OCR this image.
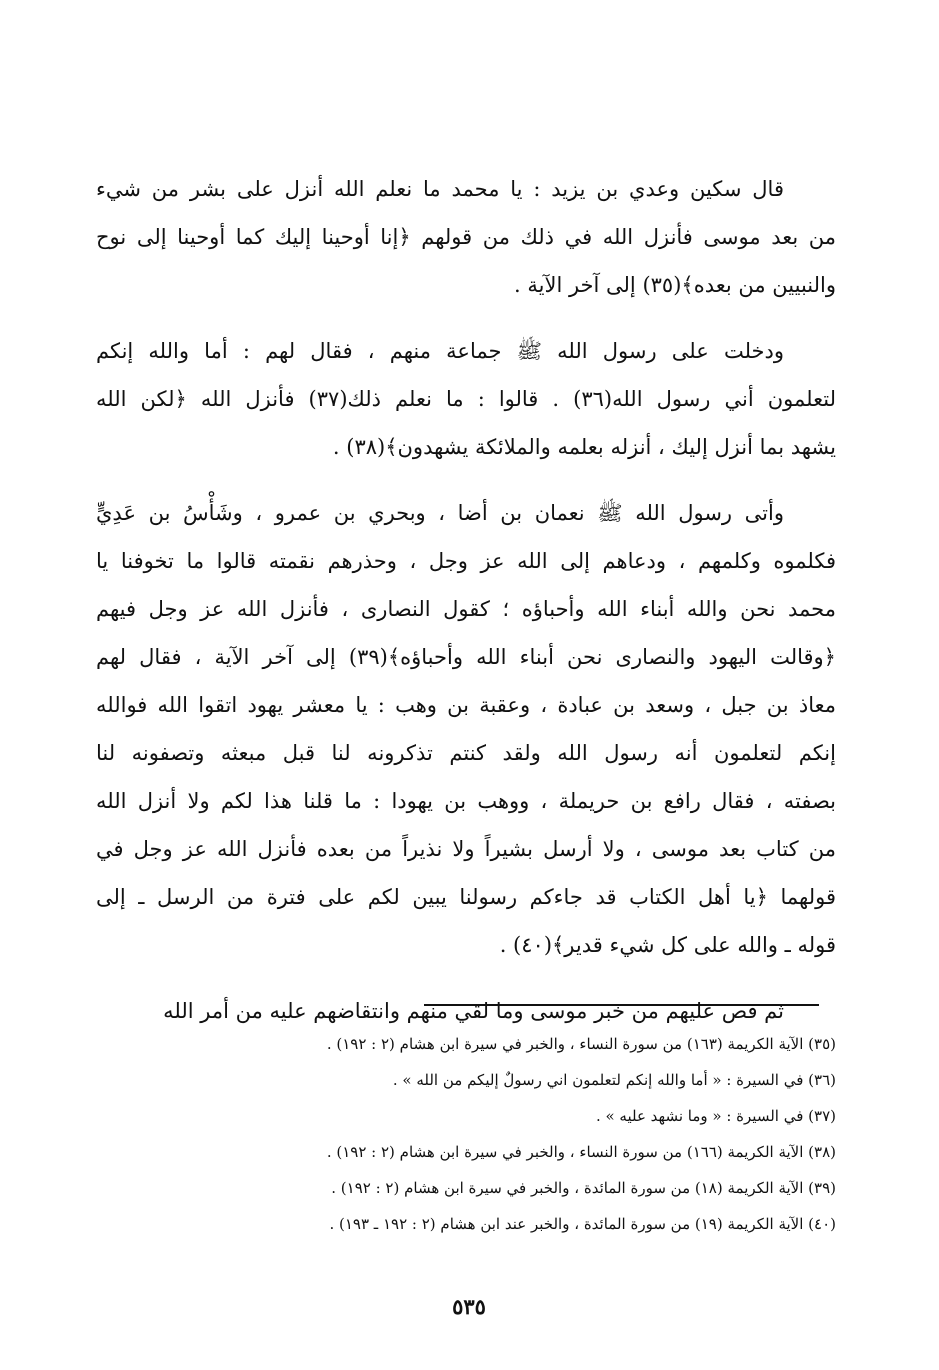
قال سكين وعدي بن يزيد : يا محمد ما نعلم الله أنزل على بشر من شيء
من بعد موسى فأنزل الله في ذلك من قولهم ﴿إنا أوحينا إليك كما أوحينا إلى نوح
والنبيين من بعده﴾(٣٥) إلى آخر الآية .
ودخلت على رسول الله ﷺ جماعة منهم ، فقال لهم : أما والله إنكم
لتعلمون أني رسول الله(٣٦) . قالوا : ما نعلم ذلك(٣٧) فأنزل الله ﴿لكن الله
يشهد بما أنزل إليك ، أنزله بعلمه والملائكة يشهدون﴾(٣٨) .
وأتى رسول الله ﷺ نعمان بن أضا ، وبحري بن عمرو ، وشَأْسُ بن عَدِيٍّ
فكلموه وكلمهم ، ودعاهم إلى الله عز وجل ، وحذرهم نقمته قالوا ما تخوفنا يا
محمد نحن والله أبناء الله وأحباؤه ؛ كقول النصارى ، فأنزل الله عز وجل فيهم
﴿وقالت اليهود والنصارى نحن أبناء الله وأحباؤه﴾(٣٩) إلى آخر الآية ، فقال لهم
معاذ بن جبل ، وسعد بن عبادة ، وعقبة بن وهب : يا معشر يهود اتقوا الله فوالله
إنكم لتعلمون أنه رسول الله ولقد كنتم تذكرونه لنا قبل مبعثه وتصفونه لنا
بصفته ، فقال رافع بن حريملة ، ووهب بن يهودا : ما قلنا هذا لكم ولا أنزل الله
من كتاب بعد موسى ، ولا أرسل بشيراً ولا نذيراً من بعده فأنزل الله عز وجل في
قولهما ﴿يا أهل الكتاب قد جاءكم رسولنا يبين لكم على فترة من الرسل ـ إلى
قوله ـ والله على كل شيء قدير﴾(٤٠) .
ثم قص عليهم من خبر موسى وما لقي منهم وانتقاضهم عليه من أمر الله
(٣٥) الآية الكريمة (١٦٣) من سورة النساء ، والخبر في سيرة ابن هشام (٢ : ١٩٢) .
(٣٦) في السيرة : « أما والله إنكم لتعلمون اني رسولٌ إليكم من الله » .
(٣٧) في السيرة : « وما نشهد عليه » .
(٣٨) الآية الكريمة (١٦٦) من سورة النساء ، والخبر في سيرة ابن هشام (٢ : ١٩٢) .
(٣٩) الآية الكريمة (١٨) من سورة المائدة ، والخبر في سيرة ابن هشام (٢ : ١٩٢) .
(٤٠) الآية الكريمة (١٩) من سورة المائدة ، والخبر عند ابن هشام (٢ : ١٩٢ ـ ١٩٣) .
٥٣٥
